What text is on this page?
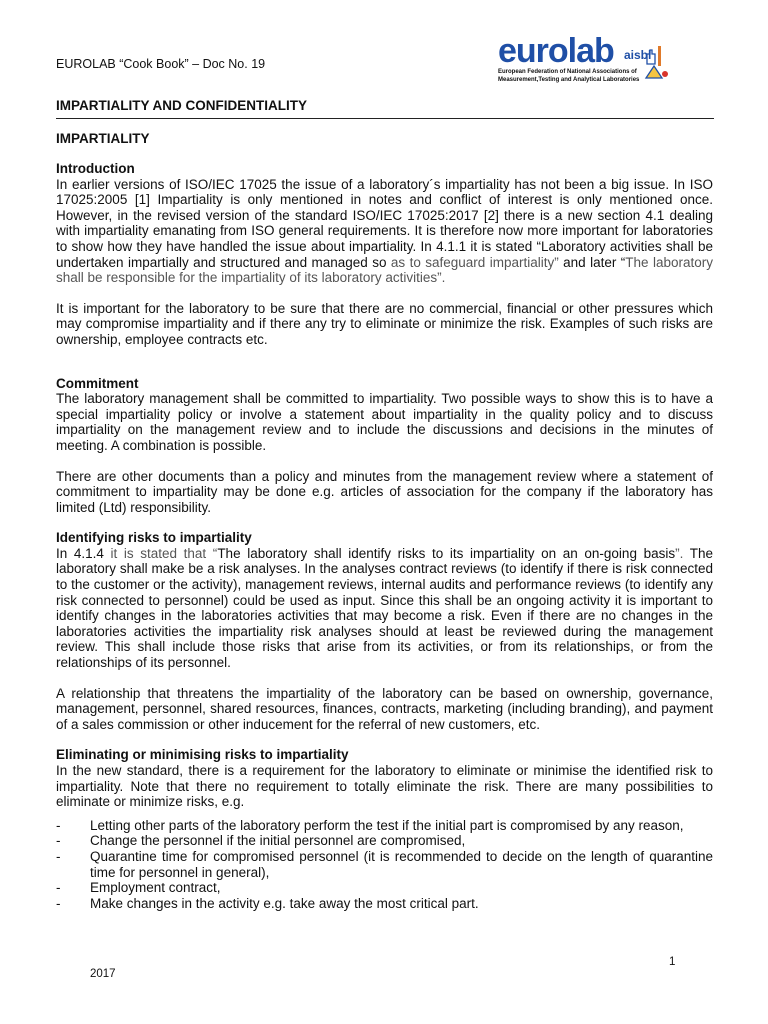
EUROLAB “Cook Book” – Doc No. 19	eurolab aisbl
European Federation of National Associations of
Measurement,Testing and Analytical Laboratories
IMPARTIALITY AND CONFIDENTIALITY
IMPARTIALITY
Introduction

In earlier versions of ISO/IEC 17025 the issue of a laboratory´s impartiality has not been a big issue. In ISO 17025:2005 [1] Impartiality is only mentioned in notes and conflict of interest is only mentioned once. However, in the revised version of the standard ISO/IEC 17025:2017 [2] there is a new section 4.1 dealing with impartiality emanating from ISO general requirements. It is therefore now more important for laboratories to show how they have handled the issue about impartiality. In 4.1.1 it is stated “Laboratory activities shall be undertaken impartially and structured and managed so as to safeguard impartiality” and later “The laboratory shall be responsible for the impartiality of its laboratory activities”.

It is important for the laboratory to be sure that there are no commercial, financial or other pressures which may compromise impartiality and if there any try to eliminate or minimize the risk. Examples of such risks are ownership, employee contracts etc.

Commitment

The laboratory management shall be committed to impartiality. Two possible ways to show this is to have a special impartiality policy or involve a statement about impartiality in the quality policy and to discuss impartiality on the management review and to include the discussions and decisions in the minutes of meeting. A combination is possible.

There are other documents than a policy and minutes from the management review where a statement of commitment to impartiality may be done e.g. articles of association for the company if the laboratory has limited (Ltd) responsibility.

Identifying risks to impartiality

In 4.1.4 it is stated that “The laboratory shall identify risks to its impartiality on an on-going basis”. The laboratory shall make be a risk analyses. In the analyses contract reviews (to identify if there is risk connected to the customer or the activity), management reviews, internal audits and performance reviews (to identify any risk connected to personnel) could be used as input. Since this shall be an ongoing activity it is important to identify changes in the laboratories activities that may become a risk. Even if there are no changes in the laboratories activities the impartiality risk analyses should at least be reviewed during the management review. This shall include those risks that arise from its activities, or from its relationships, or from the relationships of its personnel.

A relationship that threatens the impartiality of the laboratory can be based on ownership, governance, management, personnel, shared resources, finances, contracts, marketing (including branding), and payment of a sales commission or other inducement for the referral of new customers, etc.

Eliminating or minimising risks to impartiality

In the new standard, there is a requirement for the laboratory to eliminate or minimise the identified risk to impartiality. Note that there no requirement to totally eliminate the risk. There are many possibilities to eliminate or minimize risks, e.g.

- Letting other parts of the laboratory perform the test if the initial part is compromised by any reason,
- Change the personnel if the initial personnel are compromised,
- Quarantine time for compromised personnel (it is recommended to decide on the length of quarantine time for personnel in general),
- Employment contract,
- Make changes in the activity e.g. take away the most critical part.
1
2017
